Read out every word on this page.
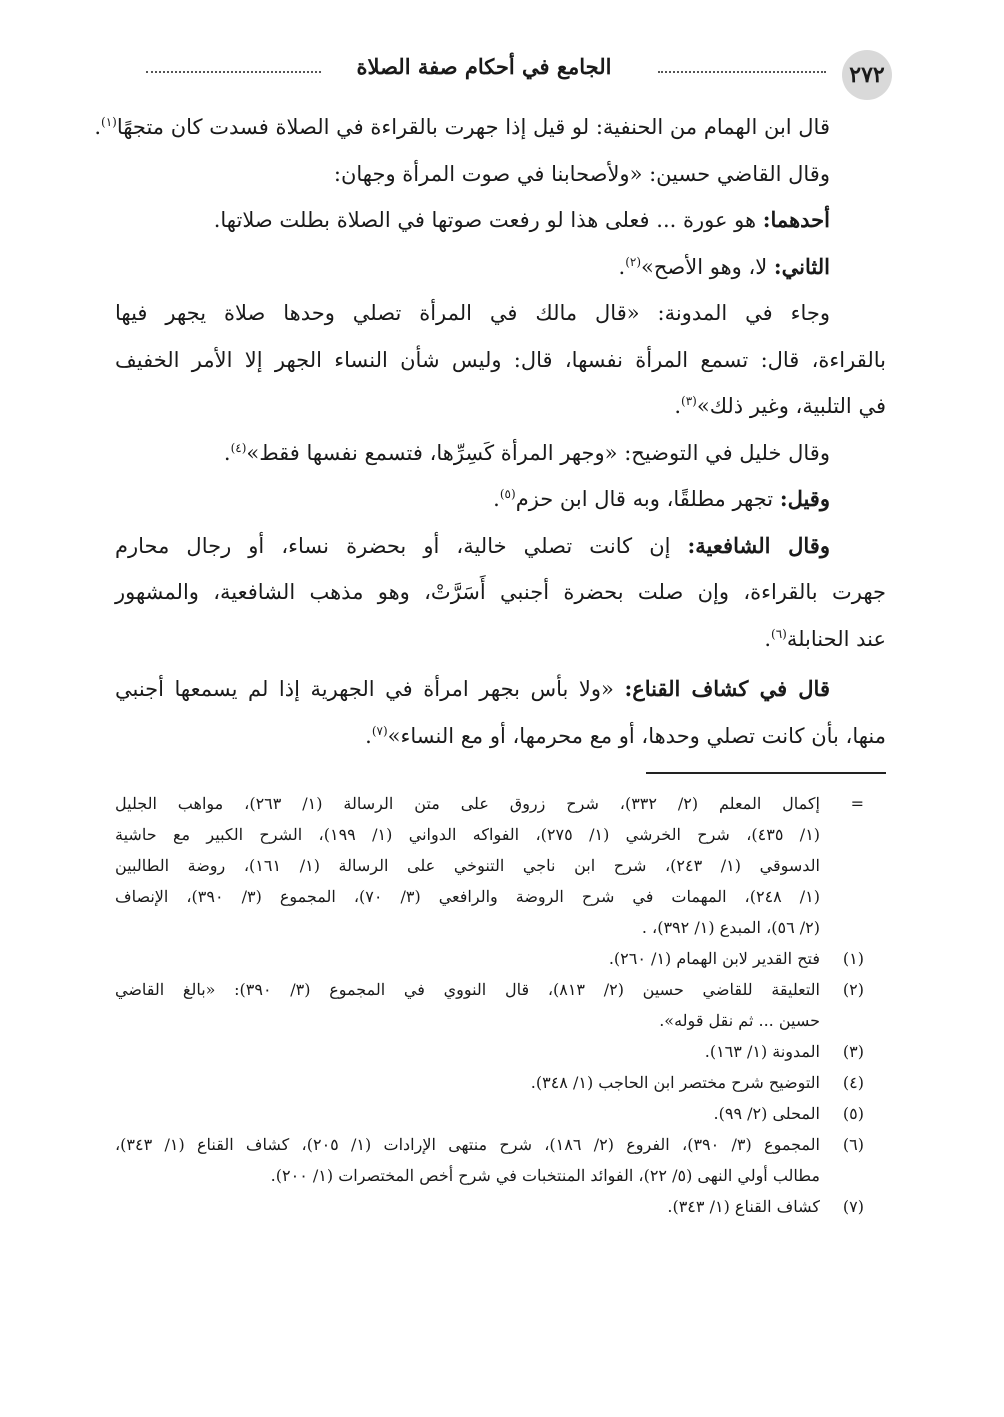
٢٧٢
الجامع في أحكام صفة الصلاة
قال ابن الهمام من الحنفية: لو قيل إذا جهرت بالقراءة في الصلاة فسدت كان متجهًا$^{(١)}$.
وقال القاضي حسين: «ولأصحابنا في صوت المرأة وجهان:
أحدهما: هو عورة ... فعلى هذا لو رفعت صوتها في الصلاة بطلت صلاتها.
الثاني: لا، وهو الأصح»$^{(٢)}$.
وجاء في المدونة: «قال مالك في المرأة تصلي وحدها صلاة يجهر فيها
بالقراءة، قال: تسمع المرأة نفسها، قال: وليس شأن النساء الجهر إلا الأمر الخفيف
في التلبية، وغير ذلك»$^{(٣)}$.
وقال خليل في التوضيح: «وجهر المرأة كَسِرِّها، فتسمع نفسها فقط»$^{(٤)}$.
وقيل: تجهر مطلقًا، وبه قال ابن حزم$^{(٥)}$.
وقال الشافعية: إن كانت تصلي خالية، أو بحضرة نساء، أو رجال محارم
جهرت بالقراءة، وإن صلت بحضرة أجنبي أَسَرَّتْ، وهو مذهب الشافعية، والمشهور
عند الحنابلة$^{(٦)}$.
قال في كشاف القناع: «ولا بأس بجهر امرأة في الجهرية إذا لم يسمعها أجنبي
منها، بأن كانت تصلي وحدها، أو مع محرمها، أو مع النساء»$^{(٧)}$.
=
إكمال المعلم (٢/ ٣٣٢)، شرح زروق على متن الرسالة (١/ ٢٦٣)، مواهب الجليل
(١/ ٤٣٥)، شرح الخرشي (١/ ٢٧٥)، الفواكه الدواني (١/ ١٩٩)، الشرح الكبير مع حاشية
الدسوقي (١/ ٢٤٣)، شرح ابن ناجي التنوخي على الرسالة (١/ ١٦١)، روضة الطالبين
(١/ ٢٤٨)، المهمات في شرح الروضة والرافعي (٣/ ٧٠)، المجموع (٣/ ٣٩٠)، الإنصاف
(٢/ ٥٦)، المبدع (١/ ٣٩٢)، .
(١)
فتح القدير لابن الهمام (١/ ٢٦٠).
(٢)
التعليقة للقاضي حسين (٢/ ٨١٣)، قال النووي في المجموع (٣/ ٣٩٠): «بالغ القاضي
حسين ... ثم نقل قوله».
(٣)
المدونة (١/ ١٦٣).
(٤)
التوضيح شرح مختصر ابن الحاجب (١/ ٣٤٨).
(٥)
المحلى (٢/ ٩٩).
(٦)
المجموع (٣/ ٣٩٠)، الفروع (٢/ ١٨٦)، شرح منتهى الإرادات (١/ ٢٠٥)، كشاف القناع (١/ ٣٤٣)،
مطالب أولي النهى (٥/ ٢٢)، الفوائد المنتخبات في شرح أخص المختصرات (١/ ٢٠٠).
(٧)
كشاف القناع (١/ ٣٤٣).
